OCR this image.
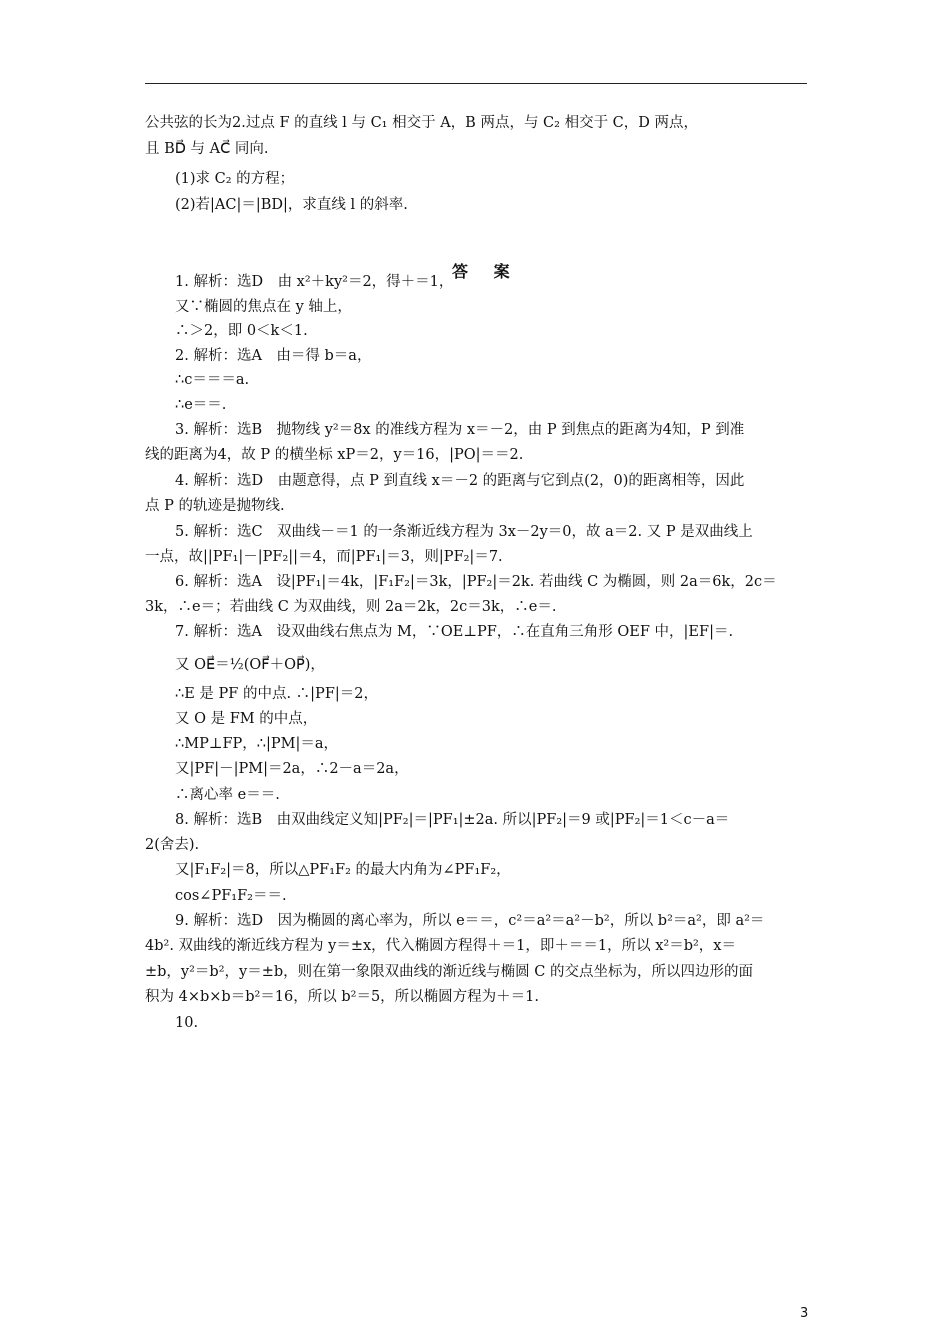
答 案
公共弦的长为2.过点 F 的直线 l 与 C₁ 相交于 A，B 两点，与 C₂ 相交于 C，D 两点，
且 BD⃗ 与 AC⃗ 同向.
(1)求 C₂ 的方程；
(2)若|AC|＝|BD|，求直线 l 的斜率.
1. 解析：选D　由 x²＋ky²＝2，得＋＝1，
又∵椭圆的焦点在 y 轴上，
∴＞2，即 0＜k＜1.
2. 解析：选A　由＝得 b＝a，
∴c＝＝＝a.
∴e＝＝.
3. 解析：选B　抛物线 y²＝8x 的准线方程为 x＝－2，由 P 到焦点的距离为4知，P 到准
线的距离为4，故 P 的横坐标 xP＝2，y＝16，|PO|＝＝2.
4. 解析：选D　由题意得，点 P 到直线 x＝－2 的距离与它到点(2，0)的距离相等，因此
点 P 的轨迹是抛物线.
5. 解析：选C　双曲线－＝1 的一条渐近线方程为 3x－2y＝0，故 a＝2. 又 P 是双曲线上
一点，故||PF₁|－|PF₂||＝4，而|PF₁|＝3，则|PF₂|＝7.
6. 解析：选A　设|PF₁|＝4k，|F₁F₂|＝3k，|PF₂|＝2k. 若曲线 C 为椭圆，则 2a＝6k，2c＝
3k，∴e＝；若曲线 C 为双曲线，则 2a＝2k，2c＝3k，∴e＝.
7. 解析：选A　设双曲线右焦点为 M，∵OE⊥PF，∴在直角三角形 OEF 中，|EF|＝.
又 OE⃗＝½(OF⃗＋OP⃗)，
∴E 是 PF 的中点. ∴|PF|＝2，
又 O 是 FM 的中点，
∴MP⊥FP，∴|PM|＝a，
又|PF|－|PM|＝2a，∴2－a＝2a，
∴离心率 e＝＝.
8. 解析：选B　由双曲线定义知|PF₂|＝|PF₁|±2a. 所以|PF₂|＝9 或|PF₂|＝1＜c－a＝
2(舍去).
又|F₁F₂|＝8，所以△PF₁F₂ 的最大内角为∠PF₁F₂，
cos∠PF₁F₂＝＝.
9. 解析：选D　因为椭圆的离心率为，所以 e＝＝，c²＝a²＝a²－b²，所以 b²＝a²，即 a²＝
4b². 双曲线的渐近线方程为 y＝±x，代入椭圆方程得＋＝1，即＋＝＝1，所以 x²＝b²，x＝
±b，y²＝b²，y＝±b，则在第一象限双曲线的渐近线与椭圆 C 的交点坐标为，所以四边形的面
积为 4×b×b＝b²＝16，所以 b²＝5，所以椭圆方程为＋＝1.
10.
3
